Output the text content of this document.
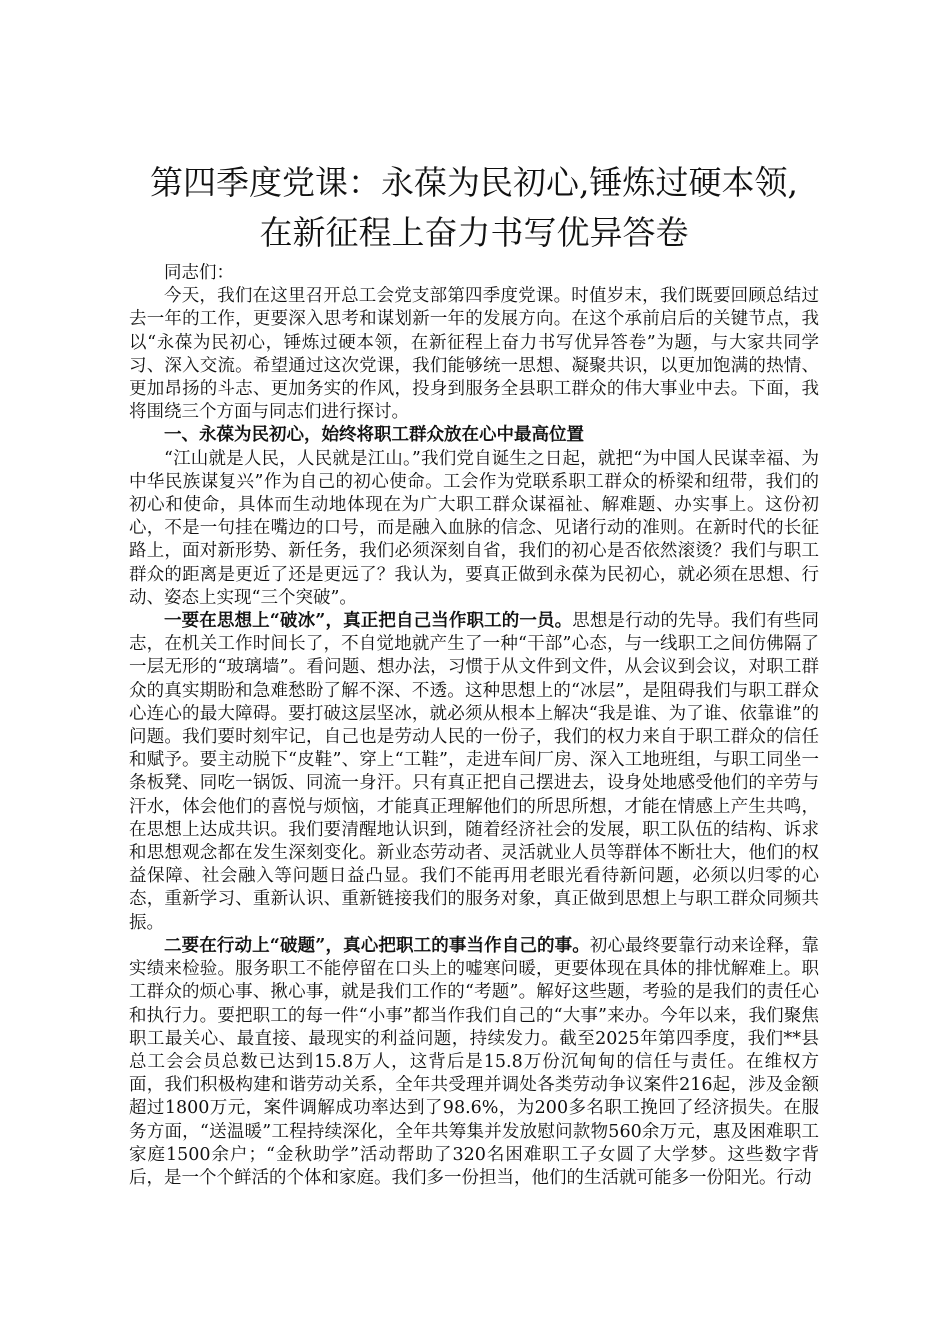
第四季度党课：永葆为民初心,锤炼过硬本领,
在新征程上奋力书写优异答卷

同志们：

今天，我们在这里召开总工会党支部第四季度党课。时值岁末，我们既要回顾总结过去一年的工作，更要深入思考和谋划新一年的发展方向。在这个承前启后的关键节点，我以“永葆为民初心，锤炼过硬本领，在新征程上奋力书写优异答卷”为题，与大家共同学习、深入交流。希望通过这次党课，我们能够统一思想、凝聚共识，以更加饱满的热情、更加昂扬的斗志、更加务实的作风，投身到服务全县职工群众的伟大事业中去。下面，我将围绕三个方面与同志们进行探讨。

一、永葆为民初心，始终将职工群众放在心中最高位置

“江山就是人民，人民就是江山。”我们党自诞生之日起，就把“为中国人民谋幸福、为中华民族谋复兴”作为自己的初心使命。工会作为党联系职工群众的桥梁和纽带，我们的初心和使命，具体而生动地体现在为广大职工群众谋福祉、解难题、办实事上。这份初心，不是一句挂在嘴边的口号，而是融入血脉的信念、见诸行动的准则。在新时代的长征路上，面对新形势、新任务，我们必须深刻自省，我们的初心是否依然滚烫？我们与职工群众的距离是更近了还是更远了？我认为，要真正做到永葆为民初心，就必须在思想、行动、姿态上实现“三个突破”。

一要在思想上“破冰”，真正把自己当作职工的一员。思想是行动的先导。我们有些同志，在机关工作时间长了，不自觉地就产生了一种“干部”心态，与一线职工之间仿佛隔了一层无形的“玻璃墙”。看问题、想办法，习惯于从文件到文件，从会议到会议，对职工群众的真实期盼和急难愁盼了解不深、不透。这种思想上的“冰层”，是阻碍我们与职工群众心连心的最大障碍。要打破这层坚冰，就必须从根本上解决“我是谁、为了谁、依靠谁”的问题。我们要时刻牢记，自己也是劳动人民的一份子，我们的权力来自于职工群众的信任和赋予。要主动脱下“皮鞋”、穿上“工鞋”，走进车间厂房、深入工地班组，与职工同坐一条板凳、同吃一锅饭、同流一身汗。只有真正把自己摆进去，设身处地感受他们的辛劳与汗水，体会他们的喜悦与烦恼，才能真正理解他们的所思所想，才能在情感上产生共鸣，在思想上达成共识。我们要清醒地认识到，随着经济社会的发展，职工队伍的结构、诉求和思想观念都在发生深刻变化。新业态劳动者、灵活就业人员等群体不断壮大，他们的权益保障、社会融入等问题日益凸显。我们不能再用老眼光看待新问题，必须以归零的心态，重新学习、重新认识、重新链接我们的服务对象，真正做到思想上与职工群众同频共振。

二要在行动上“破题”，真心把职工的事当作自己的事。初心最终要靠行动来诠释，靠实绩来检验。服务职工不能停留在口头上的嘘寒问暖，更要体现在具体的排忧解难上。职工群众的烦心事、揪心事，就是我们工作的“考题”。解好这些题，考验的是我们的责任心和执行力。要把职工的每一件“小事”都当作我们自己的“大事”来办。今年以来，我们聚焦职工最关心、最直接、最现实的利益问题，持续发力。截至2025年第四季度，我们**县总工会会员总数已达到15.8万人，这背后是15.8万份沉甸甸的信任与责任。在维权方面，我们积极构建和谐劳动关系，全年共受理并调处各类劳动争议案件216起，涉及金额超过1800万元，案件调解成功率达到了98.6%，为200多名职工挽回了经济损失。在服务方面，“送温暖”工程持续深化，全年共筹集并发放慰问款物560余万元，惠及困难职工家庭1500余户；“金秋助学”活动帮助了320名困难职工子女圆了大学梦。这些数字背后，是一个个鲜活的个体和家庭。我们多一份担当，他们的生活就可能多一份阳光。行动
